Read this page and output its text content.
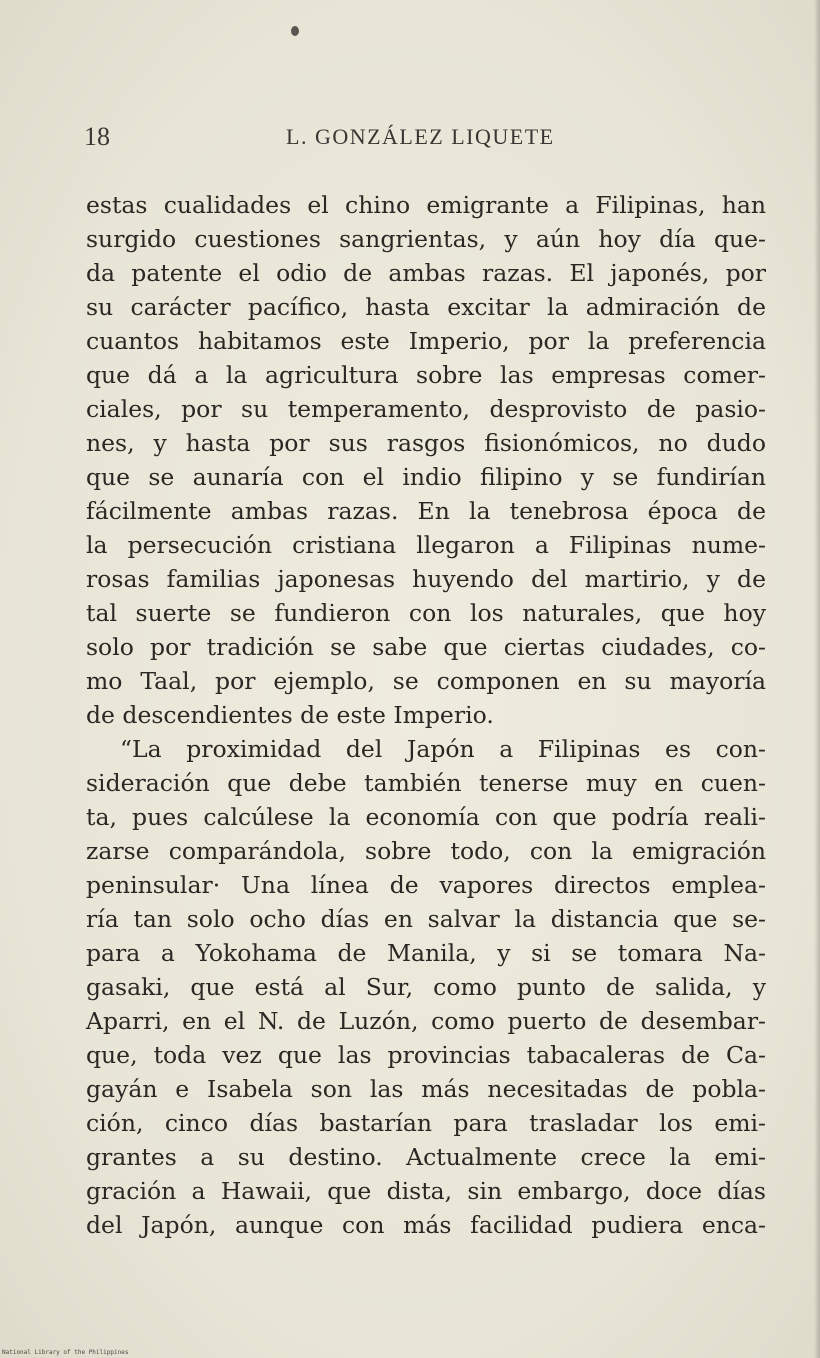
18	L. GONZÁLEZ LIQUETE
estas cualidades el chino emigrante a Filipinas, han
surgido cuestiones sangrientas, y aún hoy día que-
da patente el odio de ambas razas. El japonés, por
su carácter pacífico, hasta excitar la admiración de
cuantos habitamos este Imperio, por la preferencia
que dá a la agricultura sobre las empresas comer-
ciales, por su temperamento, desprovisto de pasio-
nes, y hasta por sus rasgos fisionómicos, no dudo
que se aunaría con el indio filipino y se fundirían
fácilmente ambas razas. En la tenebrosa época de
la persecución cristiana llegaron a Filipinas nume-
rosas familias japonesas huyendo del martirio, y de
tal suerte se fundieron con los naturales, que hoy
solo por tradición se sabe que ciertas ciudades, co-
mo Taal, por ejemplo, se componen en su mayoría
de descendientes de este Imperio.
“La proximidad del Japón a Filipinas es con-
sideración que debe también tenerse muy en cuen-
ta, pues calcúlese la economía con que podría reali-
zarse comparándola, sobre todo, con la emigración
peninsular· Una línea de vapores directos emplea-
ría tan solo ocho días en salvar la distancia que se-
para a Yokohama de Manila, y si se tomara Na-
gasaki, que está al Sur, como punto de salida, y
Aparri, en el N. de Luzón, como puerto de desembar-
que, toda vez que las provincias tabacaleras de Ca-
gayán e Isabela son las más necesitadas de pobla-
ción, cinco días bastarían para trasladar los emi-
grantes a su destino. Actualmente crece la emi-
gración a Hawaii, que dista, sin embargo, doce días
del Japón, aunque con más facilidad pudiera enca-
National Library of the Philippines
